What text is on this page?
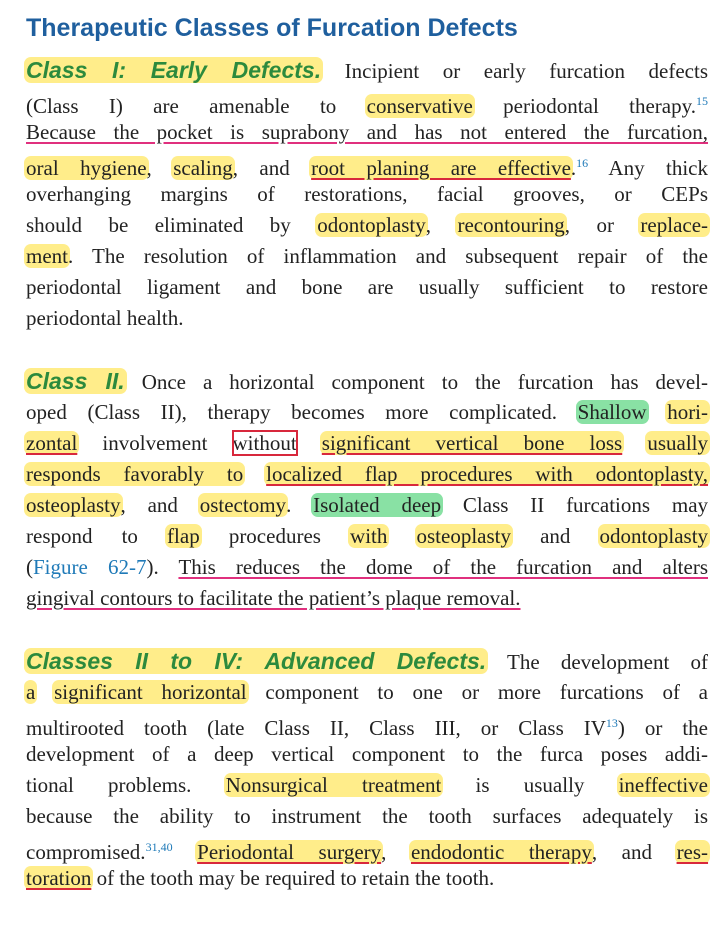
Therapeutic Classes of Furcation Defects
Class I: Early Defects. Incipient or early furcation defects
(Class I) are amenable to conservative periodontal therapy.$^{15}$
Because the pocket is suprabony and has not entered the furcation,
oral hygiene, scaling, and root planing are effective.$^{16}$ Any thick
overhanging margins of restorations, facial grooves, or CEPs
should be eliminated by odontoplasty, recontouring, or replace-
ment. The resolution of inflammation and subsequent repair of the
periodontal ligament and bone are usually sufficient to restore
periodontal health.
Class II. Once a horizontal component to the furcation has devel-
oped (Class II), therapy becomes more complicated. Shallow hori-
zontal involvement without significant vertical bone loss usually
responds favorably to localized flap procedures with odontoplasty,
osteoplasty, and ostectomy. Isolated deep Class II furcations may
respond to flap procedures with osteoplasty and odontoplasty
(Figure 62-7). This reduces the dome of the furcation and alters
gingival contours to facilitate the patient’s plaque removal.
Classes II to IV: Advanced Defects. The development of
a significant horizontal component to one or more furcations of a
multirooted tooth (late Class II, Class III, or Class IV$^{13}$) or the
development of a deep vertical component to the furca poses addi-
tional problems. Nonsurgical treatment is usually ineffective
because the ability to instrument the tooth surfaces adequately is
compromised.$^{31,40}$ Periodontal surgery, endodontic therapy, and res-
toration of the tooth may be required to retain the tooth.
